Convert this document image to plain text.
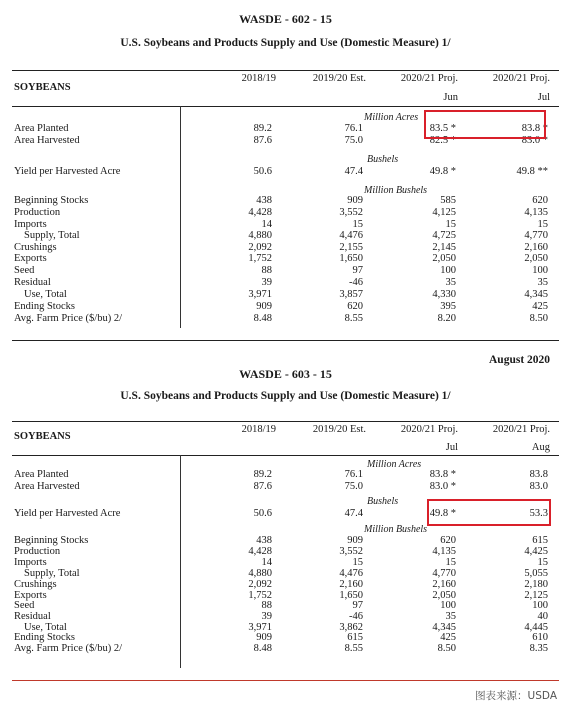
WASDE - 602 - 15
U.S. Soybeans and Products Supply and Use (Domestic Measure) 1/
SOYBEANS
2018/19	2019/20 Est.	2020/21 Proj.	2020/21 Proj.
Jun	Jul
Million Acres
Bushels
Million Bushels
Area Planted	89.2	76.1	83.5 *	83.8 *
Area Harvested	87.6	75.0	82.5 *	83.0 *
Yield per Harvested Acre	50.6	47.4	49.8 *	49.8 **
Beginning Stocks	438	909	585	620
Production	4,428	3,552	4,125	4,135
Imports	14	15	15	15
Supply, Total	4,880	4,476	4,725	4,770
Crushings	2,092	2,155	2,145	2,160
Exports	1,752	1,650	2,050	2,050
Seed	88	97	100	100
Residual	39	-46	35	35
Use, Total	3,971	3,857	4,330	4,345
Ending Stocks	909	620	395	425
Avg. Farm Price ($/bu) 2/	8.48	8.55	8.20	8.50
August 2020
WASDE - 603 - 15
U.S. Soybeans and Products Supply and Use (Domestic Measure) 1/
SOYBEANS
2018/19	2019/20 Est.	2020/21 Proj.	2020/21 Proj.
Jul	Aug
Million Acres
Bushels
Million Bushels
Area Planted	89.2	76.1	83.8 *	83.8
Area Harvested	87.6	75.0	83.0 *	83.0
Yield per Harvested Acre	50.6	47.4	49.8 *	53.3
Beginning Stocks	438	909	620	615
Production	4,428	3,552	4,135	4,425
Imports	14	15	15	15
Supply, Total	4,880	4,476	4,770	5,055
Crushings	2,092	2,160	2,160	2,180
Exports	1,752	1,650	2,050	2,125
Seed	88	97	100	100
Residual	39	-46	35	40
Use, Total	3,971	3,862	4,345	4,445
Ending Stocks	909	615	425	610
Avg. Farm Price ($/bu) 2/	8.48	8.55	8.50	8.35
图表来源：USDA
